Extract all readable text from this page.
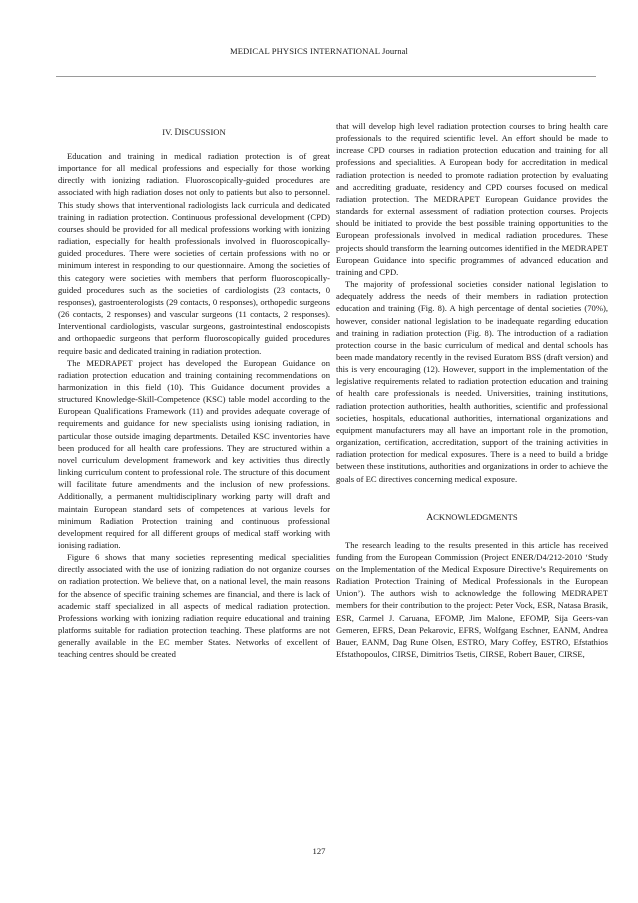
MEDICAL PHYSICS INTERNATIONAL Journal
IV. DISCUSSION

Education and training in medical radiation protection is of great importance for all medical professions and especially for those working directly with ionizing radiation. Fluoroscopically-guided procedures are associated with high radiation doses not only to patients but also to personnel. This study shows that interventional radiologists lack curricula and dedicated training in radiation protection. Continuous professional development (CPD) courses should be provided for all medical professions working with ionizing radiation, especially for health professionals involved in fluoroscopically-guided procedures. There were societies of certain professions with no or minimum interest in responding to our questionnaire. Among the societies of this category were societies with members that perform fluoroscopically-guided procedures such as the societies of cardiologists (23 contacts, 0 responses), gastroenterologists (29 contacts, 0 responses), orthopedic surgeons (26 contacts, 2 responses) and vascular surgeons (11 contacts, 2 responses). Interventional cardiologists, vascular surgeons, gastrointestinal endoscopists and orthopaedic surgeons that perform fluoroscopically guided procedures require basic and dedicated training in radiation protection.

The MEDRAPET project has developed the European Guidance on radiation protection education and training containing recommendations on harmonization in this field (10). This Guidance document provides a structured Knowledge-Skill-Competence (KSC) table model according to the European Qualifications Framework (11) and provides adequate coverage of requirements and guidance for new specialists using ionising radiation, in particular those outside imaging departments. Detailed KSC inventories have been produced for all health care professions. They are structured within a novel curriculum development framework and key activities thus directly linking curriculum content to professional role. The structure of this document will facilitate future amendments and the inclusion of new professions. Additionally, a permanent multidisciplinary working party will draft and maintain European standard sets of competences at various levels for minimum Radiation Protection training and continuous professional development required for all different groups of medical staff working with ionising radiation.

Figure 6 shows that many societies representing medical specialities directly associated with the use of ionizing radiation do not organize courses on radiation protection. We believe that, on a national level, the main reasons for the absence of specific training schemes are financial, and there is lack of academic staff specialized in all aspects of medical radiation protection. Professions working with ionizing radiation require educational and training platforms suitable for radiation protection teaching. These platforms are not generally available in the EC member States. Networks of excellent of teaching centres should be created

that will develop high level radiation protection courses to bring health care professionals to the required scientific level. An effort should be made to increase CPD courses in radiation protection education and training for all professions and specialities. A European body for accreditation in medical radiation protection is needed to promote radiation protection by evaluating and accrediting graduate, residency and CPD courses focused on medical radiation protection. The MEDRAPET European Guidance provides the standards for external assessment of radiation protection courses. Projects should be initiated to provide the best possible training opportunities to the European professionals involved in medical radiation procedures. These projects should transform the learning outcomes identified in the MEDRAPET European Guidance into specific programmes of advanced education and training and CPD.

The majority of professional societies consider national legislation to adequately address the needs of their members in radiation protection education and training (Fig. 8). A high percentage of dental societies (70%), however, consider national legislation to be inadequate regarding education and training in radiation protection (Fig. 8). The introduction of a radiation protection course in the basic curriculum of medical and dental schools has been made mandatory recently in the revised Euratom BSS (draft version) and this is very encouraging (12). However, support in the implementation of the legislative requirements related to radiation protection education and training of health care professionals is needed. Universities, training institutions, radiation protection authorities, health authorities, scientific and professional societies, hospitals, educational authorities, international organizations and equipment manufacturers may all have an important role in the promotion, organization, certification, accreditation, support of the training activities in radiation protection for medical exposures. There is a need to build a bridge between these institutions, authorities and organizations in order to achieve the goals of EC directives concerning medical exposure.

ACKNOWLEDGMENTS

The research leading to the results presented in this article has received funding from the European Commission (Project ENER/D4/212-2010 ‘Study on the Implementation of the Medical Exposure Directive’s Requirements on Radiation Protection Training of Medical Professionals in the European Union’). The authors wish to acknowledge the following MEDRAPET members for their contribution to the project: Peter Vock, ESR, Natasa Brasik, ESR, Carmel J. Caruana, EFOMP, Jim Malone, EFOMP, Sija Geers-van Gemeren, EFRS, Dean Pekarovic, EFRS, Wolfgang Eschner, EANM, Andrea Bauer, EANM, Dag Rune Olsen, ESTRO, Mary Coffey, ESTRO, Efstathios Efstathopoulos, CIRSE, Dimitrios Tsetis, CIRSE, Robert Bauer, CIRSE,

127
